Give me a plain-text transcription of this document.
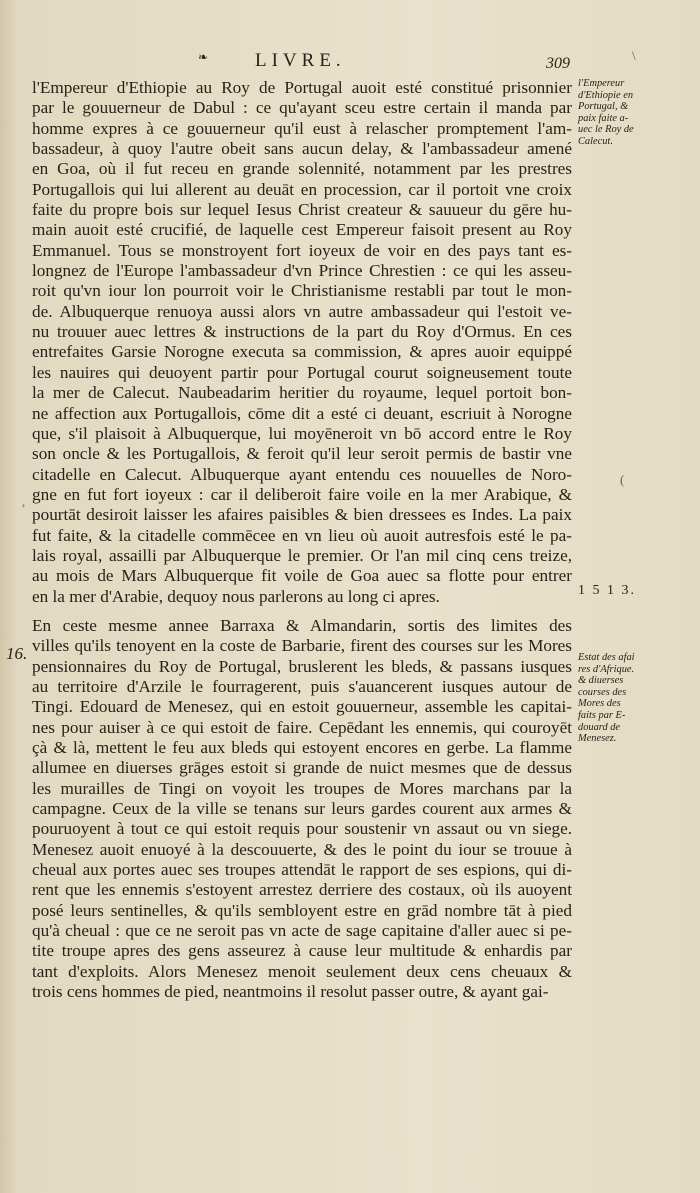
❧ LIVRE.	309
l'Empereur d'Ethiopie au Roy de Portugal auoit esté constitué prisonnier
par le gouuerneur de Dabul : ce qu'ayant sceu estre certain il manda par
homme expres à ce gouuerneur qu'il eust à relascher promptement l'am-
bassadeur, à quoy l'autre obeit sans aucun delay, & l'ambassadeur amené
en Goa, où il fut receu en grande solennité, notamment par les prestres
Portugallois qui lui allerent au deuāt en procession, car il portoit vne croix
faite du propre bois sur lequel Iesus Christ createur & sauueur du gēre hu-
main auoit esté crucifié, de laquelle cest Empereur faisoit present au Roy
Emmanuel. Tous se monstroyent fort ioyeux de voir en des pays tant es-
longnez de l'Europe l'ambassadeur d'vn Prince Chrestien : ce qui les asseu-
roit qu'vn iour lon pourroit voir le Christianisme restabli par tout le mon-
de. Albuquerque renuoya aussi alors vn autre ambassadeur qui l'estoit ve-
nu trouuer auec lettres & instructions de la part du Roy d'Ormus. En ces
entrefaites Garsie Norogne executa sa commission, & apres auoir equippé
les nauires qui deuoyent partir pour Portugal courut soigneusement toute
la mer de Calecut. Naubeadarim heritier du royaume, lequel portoit bon-
ne affection aux Portugallois, cōme dit a esté ci deuant, escriuit à Norogne
que, s'il plaisoit à Albuquerque, lui moyēneroit vn bō accord entre le Roy
son oncle & les Portugallois, & feroit qu'il leur seroit permis de bastir vne
citadelle en Calecut. Albuquerque ayant entendu ces nouuelles de Noro-
gne en fut fort ioyeux : car il deliberoit faire voile en la mer Arabique, &
pourtāt desiroit laisser les afaires paisibles & bien dressees es Indes. La paix
fut faite, & la citadelle commēcee en vn lieu où auoit autresfois esté le pa-
lais royal, assailli par Albuquerque le premier. Or l'an mil cinq cens treize,
au mois de Mars Albuquerque fit voile de Goa auec sa flotte pour entrer
en la mer d'Arabie, dequoy nous parlerons au long ci apres.
En ceste mesme annee Barraxa & Almandarin, sortis des limites des
villes qu'ils tenoyent en la coste de Barbarie, firent des courses sur les Mores
pensionnaires du Roy de Portugal, bruslerent les bleds, & passans iusques
au territoire d'Arzile le fourragerent, puis s'auancerent iusques autour de
Tingi. Edouard de Menesez, qui en estoit gouuerneur, assemble les capitai-
nes pour auiser à ce qui estoit de faire. Cepēdant les ennemis, qui couroyēt
çà & là, mettent le feu aux bleds qui estoyent encores en gerbe. La flamme
allumee en diuerses grāges estoit si grande de nuict mesmes que de dessus
les murailles de Tingi on voyoit les troupes de Mores marchans par la
campagne. Ceux de la ville se tenans sur leurs gardes courent aux armes &
pouruoyent à tout ce qui estoit requis pour soustenir vn assaut ou vn siege.
Menesez auoit enuoyé à la descouuerte, & des le point du iour se trouue à
cheual aux portes auec ses troupes attendāt le rapport de ses espions, qui di-
rent que les ennemis s'estoyent arrestez derriere des costaux, où ils auoyent
posé leurs sentinelles, & qu'ils sembloyent estre en grād nombre tāt à pied
qu'à cheual : que ce ne seroit pas vn acte de sage capitaine d'aller auec si pe-
tite troupe apres des gens asseurez à cause leur multitude & enhardis par
tant d'exploits. Alors Menesez menoit seulement deux cens cheuaux &
trois cens hommes de pied, neantmoins il resolut passer outre, & ayant gai-
16.
l'Empereur
d'Ethiopie en
Portugal, &
paix faite a-
uec le Roy de
Calecut.
1 5 1 3.
Estat des afai
res d'Afrique.
& diuerses
courses des
Mores des
faits par E-
douard de
Menesez.
\
,
(
